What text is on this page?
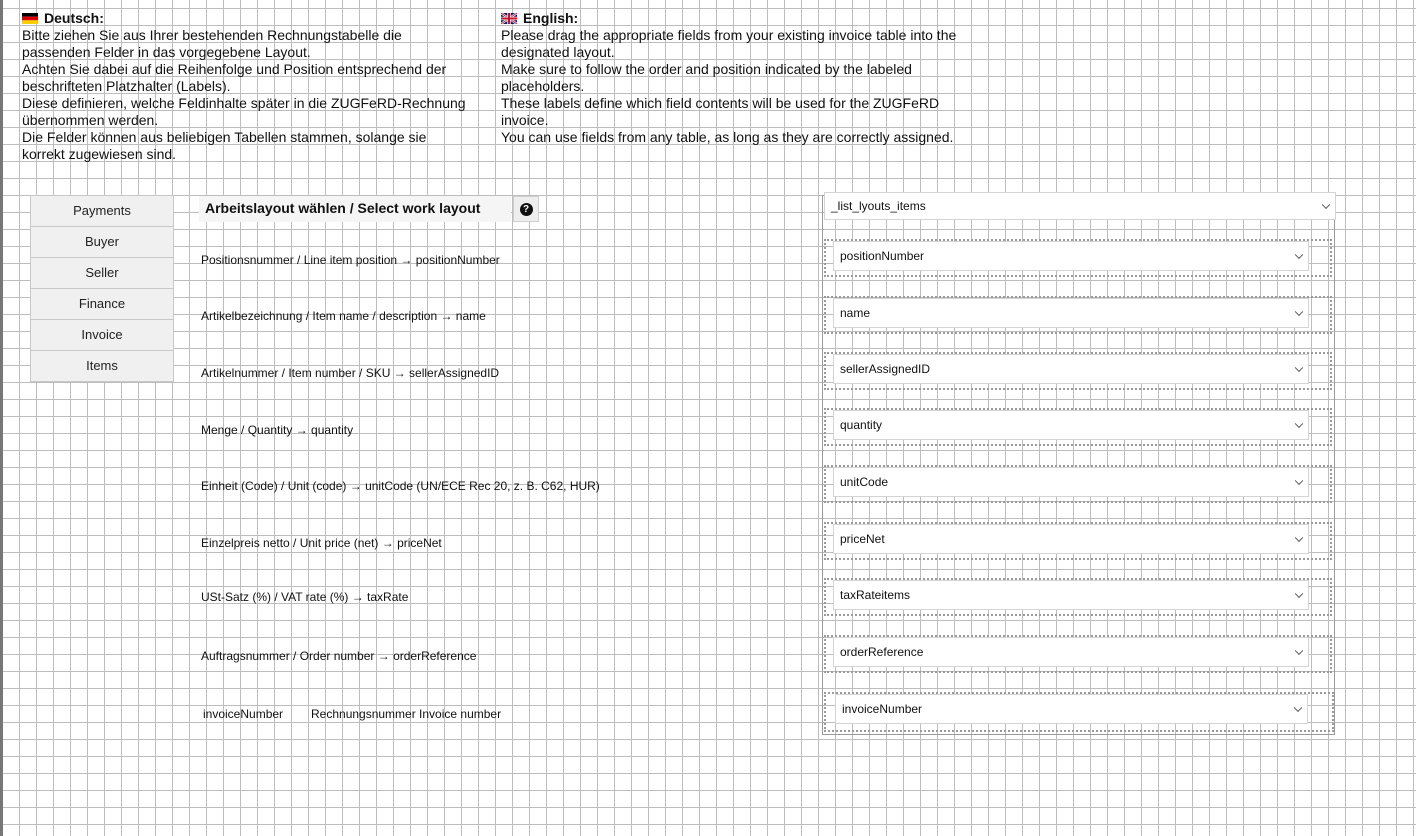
Deutsch:
Bitte ziehen Sie aus Ihrer bestehenden Rechnungstabelle die
passenden Felder in das vorgegebene Layout.
Achten Sie dabei auf die Reihenfolge und Position entsprechend der
beschrifteten Platzhalter (Labels).
Diese definieren, welche Feldinhalte später in die ZUGFeRD-Rechnung
übernommen werden.
Die Felder können aus beliebigen Tabellen stammen, solange sie
korrekt zugewiesen sind.
English:
Please drag the appropriate fields from your existing invoice table into the
designated layout.
Make sure to follow the order and position indicated by the labeled
placeholders.
These labels define which field contents will be used for the ZUGFeRD
invoice.
You can use fields from any table, as long as they are correctly assigned.
Payments
Buyer
Seller
Finance
Invoice
Items
Arbeitslayout wählen / Select work layout	?	_list_lyouts_items
Positionsnummer / Line item position → positionNumber
Artikelbezeichnung / Item name / description → name
Artikelnummer / Item number / SKU → sellerAssignedID
Menge / Quantity → quantity
Einheit (Code) / Unit (code) → unitCode (UN/ECE Rec 20, z. B. C62, HUR)
Einzelpreis netto / Unit price (net) → priceNet
USt-Satz (%) / VAT rate (%) → taxRate
Auftragsnummer / Order number → orderReference
invoiceNumber Rechnungsnummer Invoice number
positionNumber
name
sellerAssignedID
quantity
unitCode
priceNet
taxRateitems
orderReference
invoiceNumber
